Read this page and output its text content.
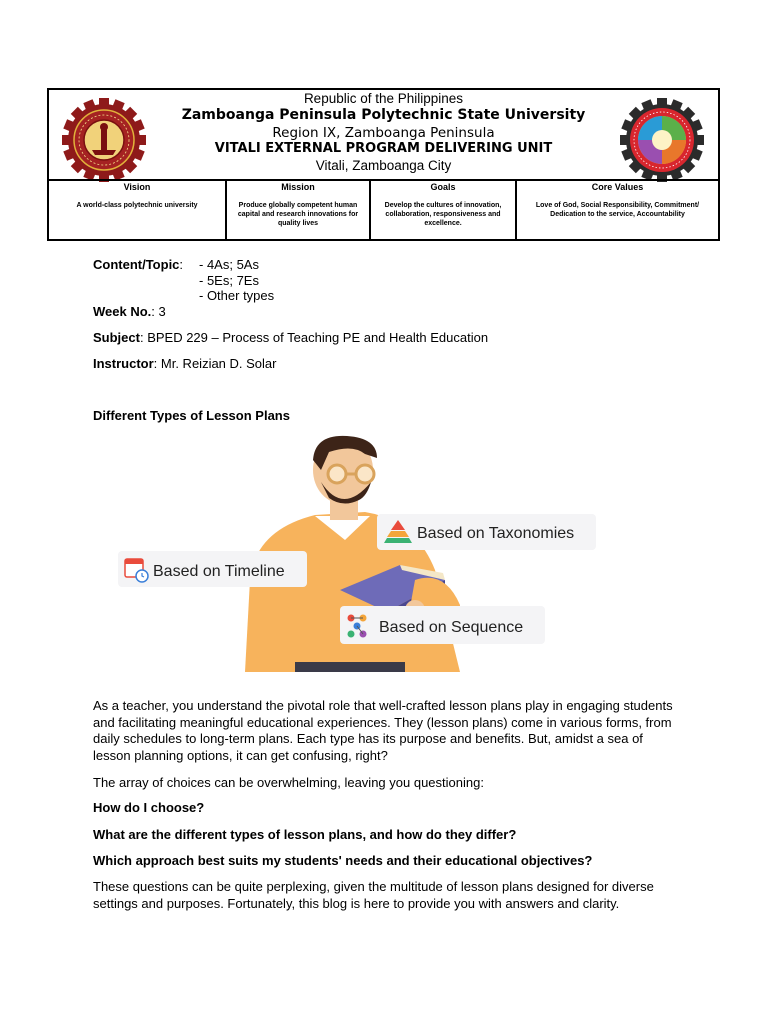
Republic of the Philippines
Zamboanga Peninsula Polytechnic State University
Region IX, Zamboanga Peninsula
VITALI EXTERNAL PROGRAM DELIVERING UNIT
Vitali, Zamboanga City
Vision
A world-class polytechnic university
Mission
Produce globally competent human capital and research innovations for quality lives
Goals
Develop the cultures of innovation, collaboration, responsiveness and excellence.
Core Values
Love of God, Social Responsibility, Commitment/ Dedication to the service, Accountability
Content/Topic: - 4As; 5As
- 5Es; 7Es
- Other types
Week No.: 3
Subject: BPED 229 – Process of Teaching PE and Health Education
Instructor: Mr. Reizian D. Solar
Different Types of Lesson Plans
Based on Taxonomies
Based on Timeline
Based on Sequence
As a teacher, you understand the pivotal role that well-crafted lesson plans play in engaging students and facilitating meaningful educational experiences. They (lesson plans) come in various forms, from daily schedules to long-term plans. Each type has its purpose and benefits. But, amidst a sea of lesson planning options, it can get confusing, right?
The array of choices can be overwhelming, leaving you questioning:
How do I choose?
What are the different types of lesson plans, and how do they differ?
Which approach best suits my students' needs and their educational objectives?
These questions can be quite perplexing, given the multitude of lesson plans designed for diverse settings and purposes. Fortunately, this blog is here to provide you with answers and clarity.
